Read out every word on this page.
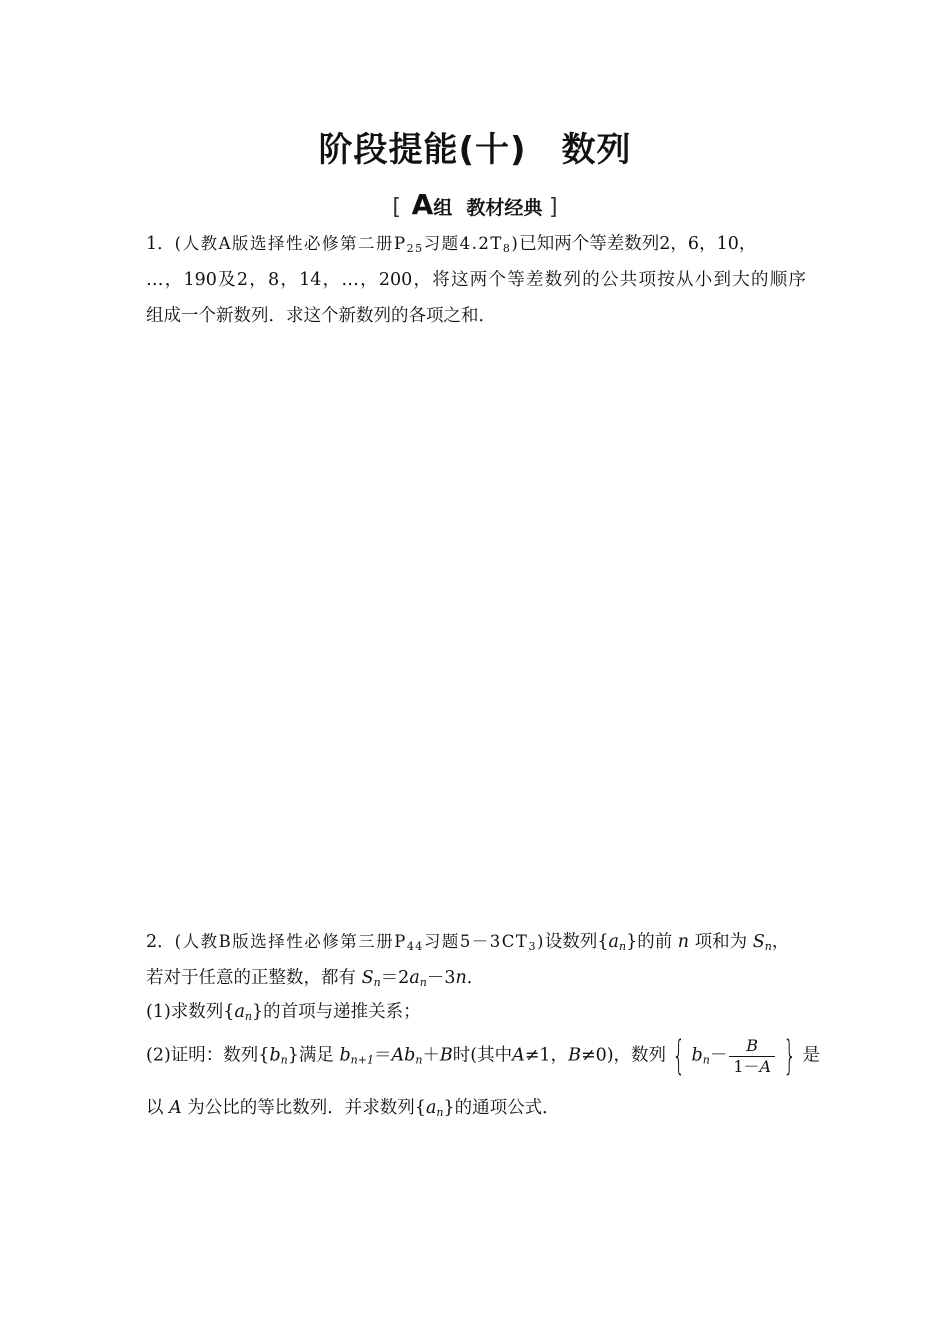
阶段提能(十)　数列
[ A组 教材经典 ]
1．(人教A版选择性必修第二册$P_{25}$习题$4.2T_8$)已知两个等差数列2，6，10，
…，190及2，8，14，…，200，将这两个等差数列的公共项按从小到大的顺序
组成一个新数列．求这个新数列的各项之和．
2．(人教B版选择性必修第三册$P_{44}$习题$5-3CT_3$)设数列$\{a_n\}$的前 n 项和为 $S_n$，
若对于任意的正整数，都有 $S_n=2a_n-3n$．
(1)求数列$\{a_n\}$的首项与递推关系；
(2)证明：数列$\{b_n\}$满足 $b_{n+1}=Ab_n+B$时(其中A≠1，B≠0)，数列 { $b_n- \frac{B}{1-A}$ } 是
以 A 为公比的等比数列．并求数列$\{a_n\}$的通项公式．
